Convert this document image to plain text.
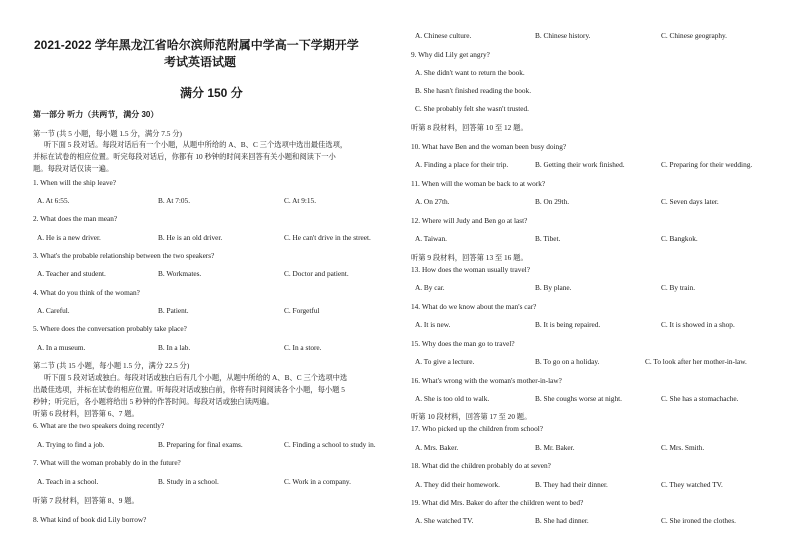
2021-2022 学年黑龙江省哈尔滨师范附属中学高一下学期开学
考试英语试题
满分 150 分
第一部分 听力（共两节，满分 30）
第一节 (共 5 小题，每小题 1.5 分，满分 7.5 分)
听下面 5 段对话。每段对话后有一个小题，从题中所给的 A、B、C 三个选项中选出最佳选项，
并标在试卷的相应位置。听完每段对话后，你都有 10 秒钟的时间来回答有关小题和阅读下一小
题。每段对话仅读一遍。
1. When will the ship leave?
A. At 6:55.	B. At 7:05.	C. At 9:15.
2. What does the man mean?
A. He is a new driver.	B. He is an old driver.	C. He can't drive in the street.
3. What's the probable relationship between the two speakers?
A. Teacher and student.	B. Workmates.	C. Doctor and patient.
4. What do you think of the woman?
A. Careful.	B. Patient.	C. Forgetful
5. Where does the conversation probably take place?
A. In a museum.	B. In a lab.	C. In a store.
第二节 (共 15 小题，每小题 1.5 分，满分 22.5 分)
听下面 5 段对话或独白。每段对话或独白后有几个小题，从题中所给的 A、B、C 三个选项中选
出最佳选项，并标在试卷的相应位置。听每段对话或独白前，你将有时间阅读各个小题，每小题 5
秒钟；听完后，各小题将给出 5 秒钟的作答时间。每段对话或独白读两遍。
听第 6 段材料，回答第 6、7 题。
6. What are the two speakers doing recently?
A. Trying to find a job.	B. Preparing for final exams.	C. Finding a school to study in.
7. What will the woman probably do in the future?
A. Teach in a school.	B. Study in a school.	C. Work in a company.
听第 7 段材料，回答第 8、9 题。
8. What kind of book did Lily borrow?
A. Chinese culture.	B. Chinese history.	C. Chinese geography.
9. Why did Lily get angry?
A. She didn't want to return the book.
B. She hasn't finished reading the book.
C. She probably felt she wasn't trusted.
听第 8 段材料，回答第 10 至 12 题。
10. What have Ben and the woman been busy doing?
A. Finding a place for their trip.	B. Getting their work finished.	C. Preparing for their wedding.
11. When will the woman be back to at work?
A. On 27th.	B. On 29th.	C. Seven days later.
12. Where will Judy and Ben go at last?
A. Taiwan.	B. Tibet.	C. Bangkok.
听第 9 段材料，回答第 13 至 16 题。
13. How does the woman usually travel?
A. By car.	B. By plane.	C. By train.
14. What do we know about the man's car?
A. It is new.	B. It is being repaired.	C. It is showed in a shop.
15. Why does the man go to travel?
A. To give a lecture.	B. To go on a holiday.	C. To look after her mother-in-law.
16. What's wrong with the woman's mother-in-law?
A. She is too old to walk.	B. She coughs worse at night.	C. She has a stomachache.
听第 10 段材料，回答第 17 至 20 题。
17. Who picked up the children from school?
A. Mrs. Baker.	B. Mr. Baker.	C. Mrs. Smith.
18. What did the children probably do at seven?
A. They did their homework.	B. They had their dinner.	C. They watched TV.
19. What did Mrs. Baker do after the children went to bed?
A. She watched TV.	B. She had dinner.	C. She ironed the clothes.
